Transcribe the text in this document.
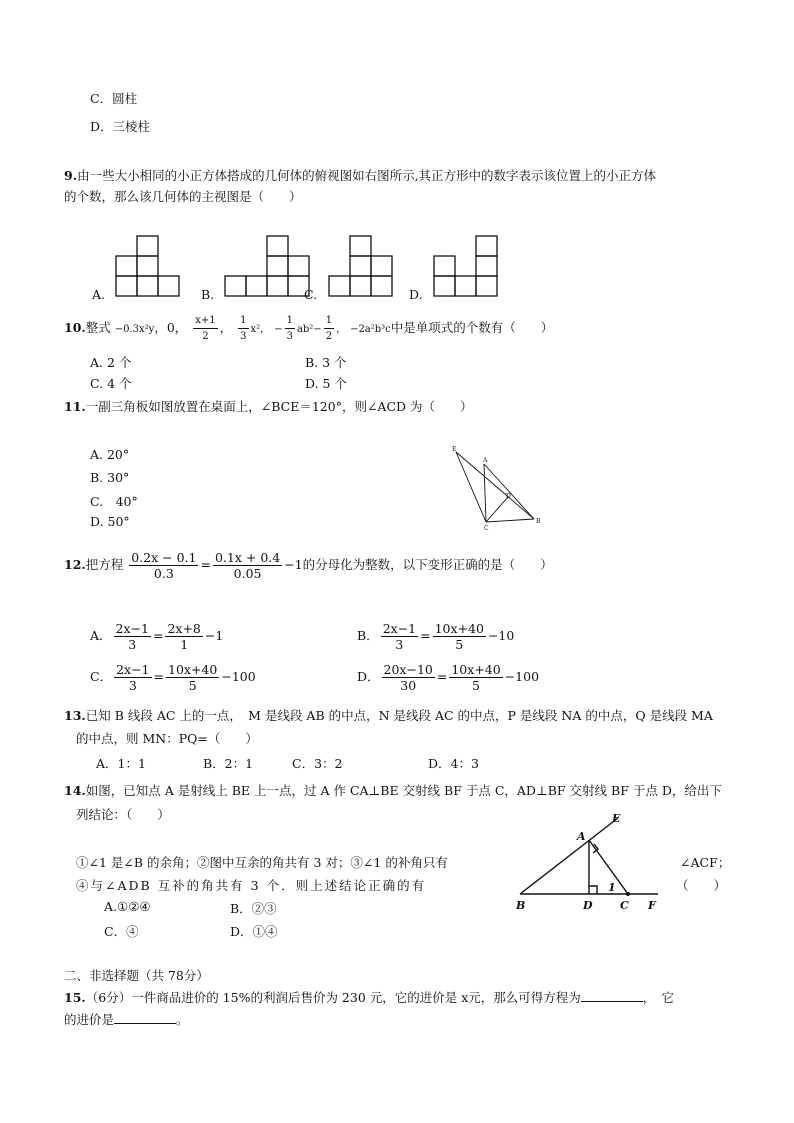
C．圆柱
D．三棱柱
9.由一些大小相同的小正方体搭成的几何体的俯视图如右图所示,其正方形中的数字表示该位置上的小正方体
的个数，那么该几何体的主视图是（　　）
A.	B.	C.	D.
10.整式 −0.3x²y，0， $\frac{x+1}{2}$ ， $\frac{1}{3} x^2$， − $\frac{1}{3} ab^2- \frac{1}{2}$ ， −2a²b³c中是单项式的个数有（　　）
A. 2 个	B. 3 个
C. 4 个	D. 5 个
11.一副三角板如图放置在桌面上，∠BCE＝120°，则∠ACD 为（　　）
A. 20°
B. 30°
C.　40°
D. 50°
E
A
D
C
B
12.把方程 $\frac{0.2x - 0.1}{0.3} = \frac{0.1x + 0.4}{0.05} -1$的分母化为整数，以下变形正确的是（　　）
A． $\frac{2x-1}{3} = \frac{2x+8}{1} -1$	B． $\frac{2x-1}{3} = \frac{10x+40}{5} -10$
C． $\frac{2x-1}{3} = \frac{10x+40}{5} -100$	D． $\frac{20x-10}{30} = \frac{10x+40}{5} -100$
13.已知 B 线段 AC 上的一点，　M 是线段 AB 的中点，N 是线段 AC 的中点，P 是线段 NA 的中点，Q 是线段 MA
的中点，则 MN：PQ=（　　）
A．1：1	B．2：1	C．3：2	D．4：3
14.如图，已知点 A 是射线上 BE 上一点，过 A 作 CA⊥BE 交射线 BF 于点 C，AD⊥BF 交射线 BF 于点 D，给出下
列结论：（　　）
①∠1 是∠B 的余角；②图中互余的角共有 3 对；③∠1 的补角只有	∠ACF；
④与∠ADB 互补的角共有 3 个．则上述结论正确的有	（　　）
A.①②④	B．②③
C．④	D．①④
A
E
B	D C F
1
二、非选择题（共 78分）
15.（6分）一件商品进价的 15%的利润后售价为 230 元，它的进价是 x元，那么可得方程为	，　它
的进价是	。
